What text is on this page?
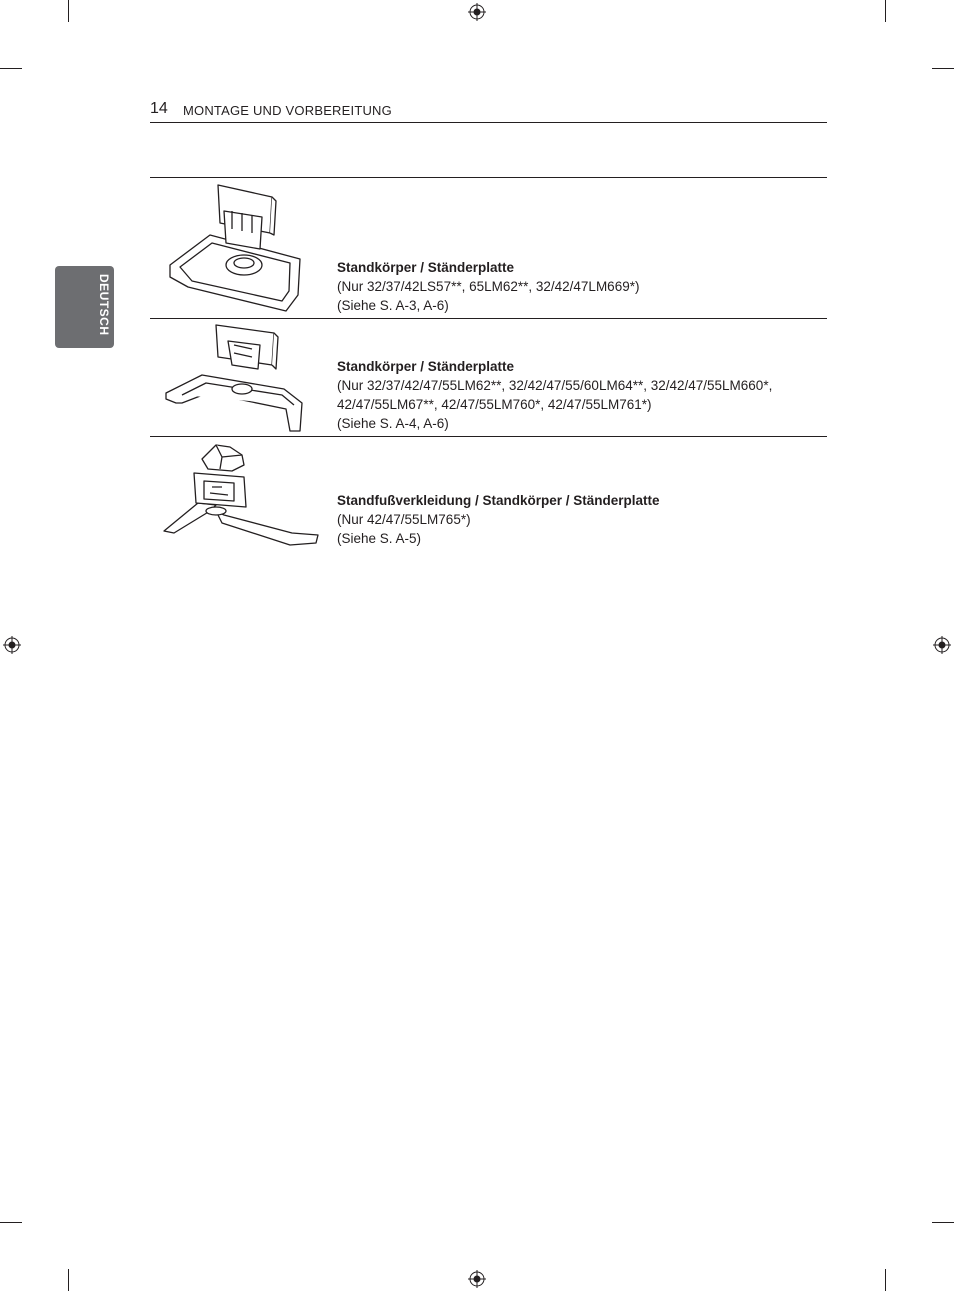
14 MONTAGE UND VORBEREITUNG
DEUTSCH
Standkörper / Ständerplatte
(Nur 32/37/42LS57**, 65LM62**, 32/42/47LM669*)
(Siehe S. A-3, A-6)
Standkörper / Ständerplatte
(Nur 32/37/42/47/55LM62**, 32/42/47/55/60LM64**, 32/42/47/55LM660*,
42/47/55LM67**, 42/47/55LM760*, 42/47/55LM761*)
(Siehe S. A-4, A-6)
Standfußverkleidung / Standkörper / Ständerplatte
(Nur 42/47/55LM765*)
(Siehe S. A-5)
